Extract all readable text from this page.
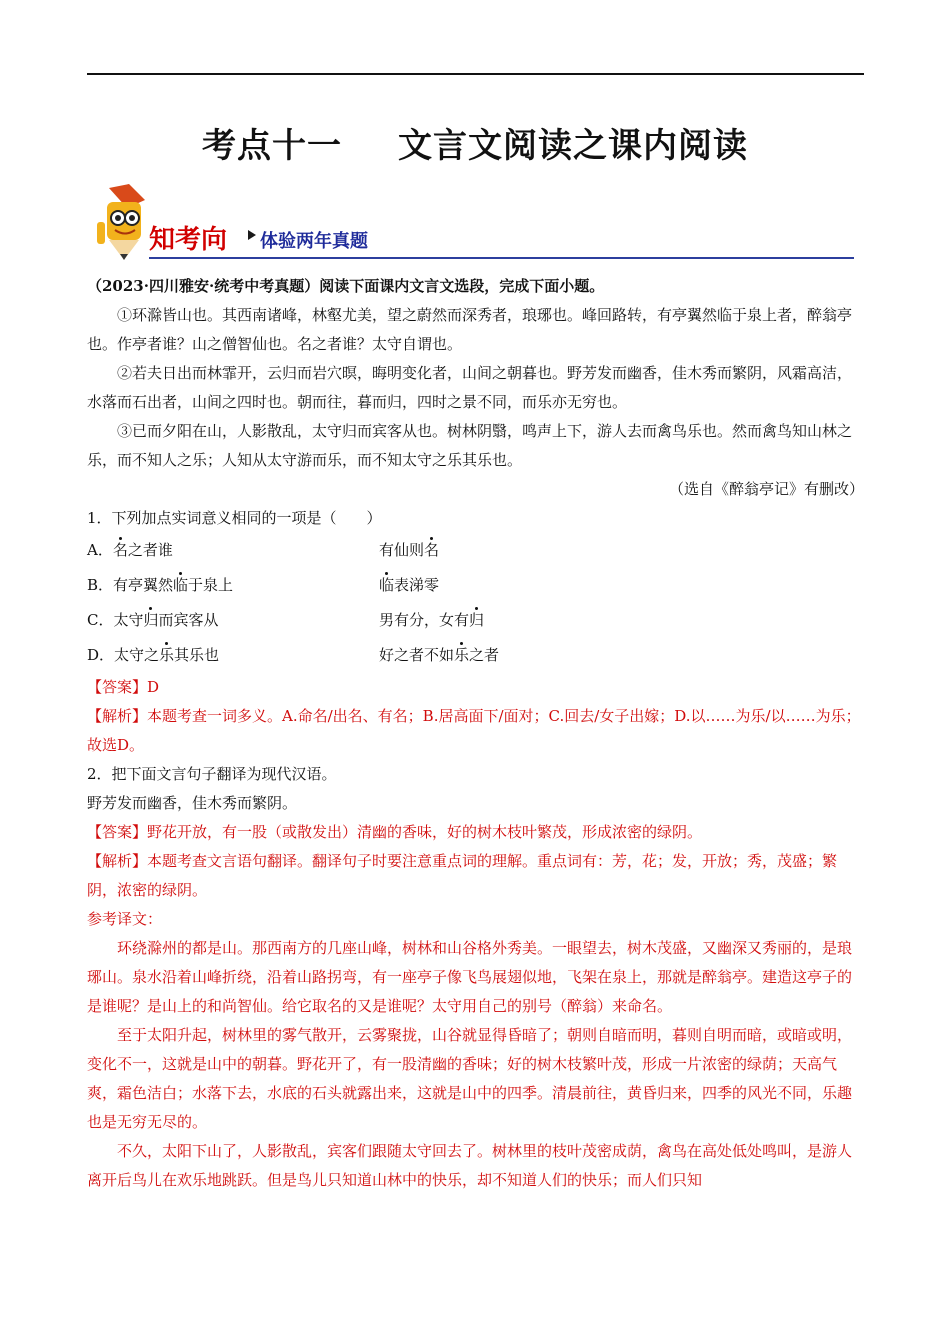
考点十一 文言文阅读之课内阅读
知考向 体验两年真题

（2023·四川雅安·统考中考真题）阅读下面课内文言文选段，完成下面小题。

①环滁皆山也。其西南诸峰，林壑尤美，望之蔚然而深秀者，琅琊也。峰回路转，有亭翼然临于泉上者，醉翁亭也。作亭者谁？山之僧智仙也。名之者谁？太守自谓也。

②若夫日出而林霏开，云归而岩穴暝，晦明变化者，山间之朝暮也。野芳发而幽香，佳木秀而繁阴，风霜高洁，水落而石出者，山间之四时也。朝而往，暮而归，四时之景不同，而乐亦无穷也。

③已而夕阳在山，人影散乱，太守归而宾客从也。树林阴翳，鸣声上下，游人去而禽鸟乐也。然而禽鸟知山林之乐，而不知人之乐；人知从太守游而乐，而不知太守之乐其乐也。

（选自《醉翁亭记》有删改）

1．下列加点实词意义相同的一项是（　　）

A．名之者谁	有仙则名
B．有亭翼然临于泉上	临表涕零
C．太守归而宾客从	男有分，女有归
D．太守之乐其乐也	好之者不如乐之者

【答案】D

【解析】本题考查一词多义。A.命名/出名、有名；B.居高面下/面对；C.回去/女子出嫁；D.以……为乐/以……为乐；故选D。

2．把下面文言句子翻译为现代汉语。

野芳发而幽香，佳木秀而繁阴。

【答案】野花开放，有一股（或散发出）清幽的香味，好的树木枝叶繁茂，形成浓密的绿阴。

【解析】本题考查文言语句翻译。翻译句子时要注意重点词的理解。重点词有：芳，花；发，开放；秀，茂盛；繁阴，浓密的绿阴。

参考译文：

环绕滁州的都是山。那西南方的几座山峰，树林和山谷格外秀美。一眼望去，树木茂盛，又幽深又秀丽的，是琅琊山。泉水沿着山峰折绕，沿着山路拐弯，有一座亭子像飞鸟展翅似地，飞架在泉上，那就是醉翁亭。建造这亭子的是谁呢？是山上的和尚智仙。给它取名的又是谁呢？太守用自己的别号（醉翁）来命名。

至于太阳升起，树林里的雾气散开，云雾聚拢，山谷就显得昏暗了；朝则自暗而明，暮则自明而暗，或暗或明，变化不一，这就是山中的朝暮。野花开了，有一股清幽的香味；好的树木枝繁叶茂，形成一片浓密的绿荫；天高气爽，霜色洁白；水落下去，水底的石头就露出来，这就是山中的四季。清晨前往，黄昏归来，四季的风光不同，乐趣也是无穷无尽的。

不久，太阳下山了，人影散乱，宾客们跟随太守回去了。树林里的枝叶茂密成荫，禽鸟在高处低处鸣叫，是游人离开后鸟儿在欢乐地跳跃。但是鸟儿只知道山林中的快乐，却不知道人们的快乐；而人们只知
